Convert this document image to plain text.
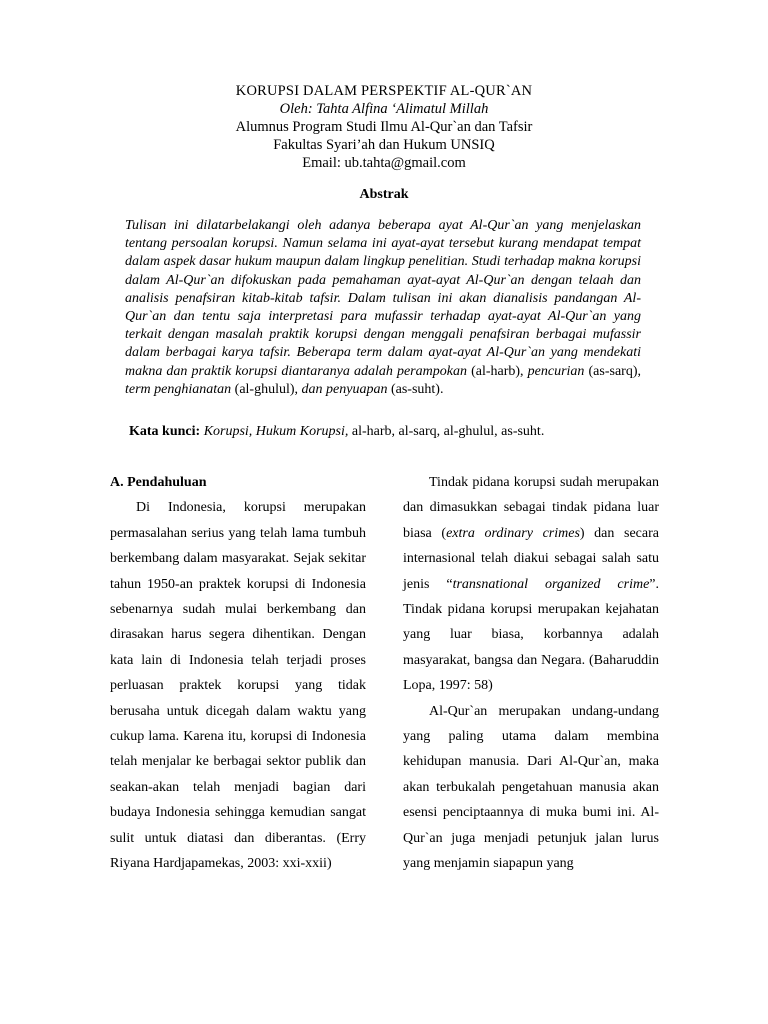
KORUPSI DALAM PERSPEKTIF AL-QUR`AN
Oleh: Tahta Alfina ‘Alimatul Millah
Alumnus Program Studi Ilmu Al-Qur`an dan Tafsir
Fakultas Syari’ah dan Hukum UNSIQ
Email: ub.tahta@gmail.com
Abstrak
Tulisan ini dilatarbelakangi oleh adanya beberapa ayat Al-Qur`an yang menjelaskan tentang persoalan korupsi. Namun selama ini ayat-ayat tersebut kurang mendapat tempat dalam aspek dasar hukum maupun dalam lingkup penelitian. Studi terhadap makna korupsi dalam Al-Qur`an difokuskan pada pemahaman ayat-ayat Al-Qur`an dengan telaah dan analisis penafsiran kitab-kitab tafsir. Dalam tulisan ini akan dianalisis pandangan Al-Qur`an dan tentu saja interpretasi para mufassir terhadap ayat-ayat Al-Qur`an yang terkait dengan masalah praktik korupsi dengan menggali penafsiran berbagai mufassir dalam berbagai karya tafsir. Beberapa term dalam ayat-ayat Al-Qur`an yang mendekati makna dan praktik korupsi diantaranya adalah perampokan (al-harb), pencurian (as-sarq), term penghianatan (al-ghulul), dan penyuapan (as-suht).
Kata kunci: Korupsi, Hukum Korupsi, al-harb, al-sarq, al-ghulul, as-suht.

A. Pendahuluan

Di Indonesia, korupsi merupakan permasalahan serius yang telah lama tumbuh berkembang dalam masyarakat. Sejak sekitar tahun 1950-an praktek korupsi di Indonesia sebenarnya sudah mulai berkembang dan dirasakan harus segera dihentikan. Dengan kata lain di Indonesia telah terjadi proses perluasan praktek korupsi yang tidak berusaha untuk dicegah dalam waktu yang cukup lama. Karena itu, korupsi di Indonesia telah menjalar ke berbagai sektor publik dan seakan-akan telah menjadi bagian dari budaya Indonesia sehingga kemudian sangat sulit untuk diatasi dan diberantas. (Erry Riyana Hardjapamekas, 2003: xxi-xxii)

Tindak pidana korupsi sudah merupakan dan dimasukkan sebagai tindak pidana luar biasa (extra ordinary crimes) dan secara internasional telah diakui sebagai salah satu jenis “transnational organized crime”. Tindak pidana korupsi merupakan kejahatan yang luar biasa, korbannya adalah masyarakat, bangsa dan Negara. (Baharuddin Lopa, 1997: 58)

Al-Qur`an merupakan undang-undang yang paling utama dalam membina kehidupan manusia. Dari Al-Qur`an, maka akan terbukalah pengetahuan manusia akan esensi penciptaannya di muka bumi ini. Al-Qur`an juga menjadi petunjuk jalan lurus yang menjamin siapapun yang
